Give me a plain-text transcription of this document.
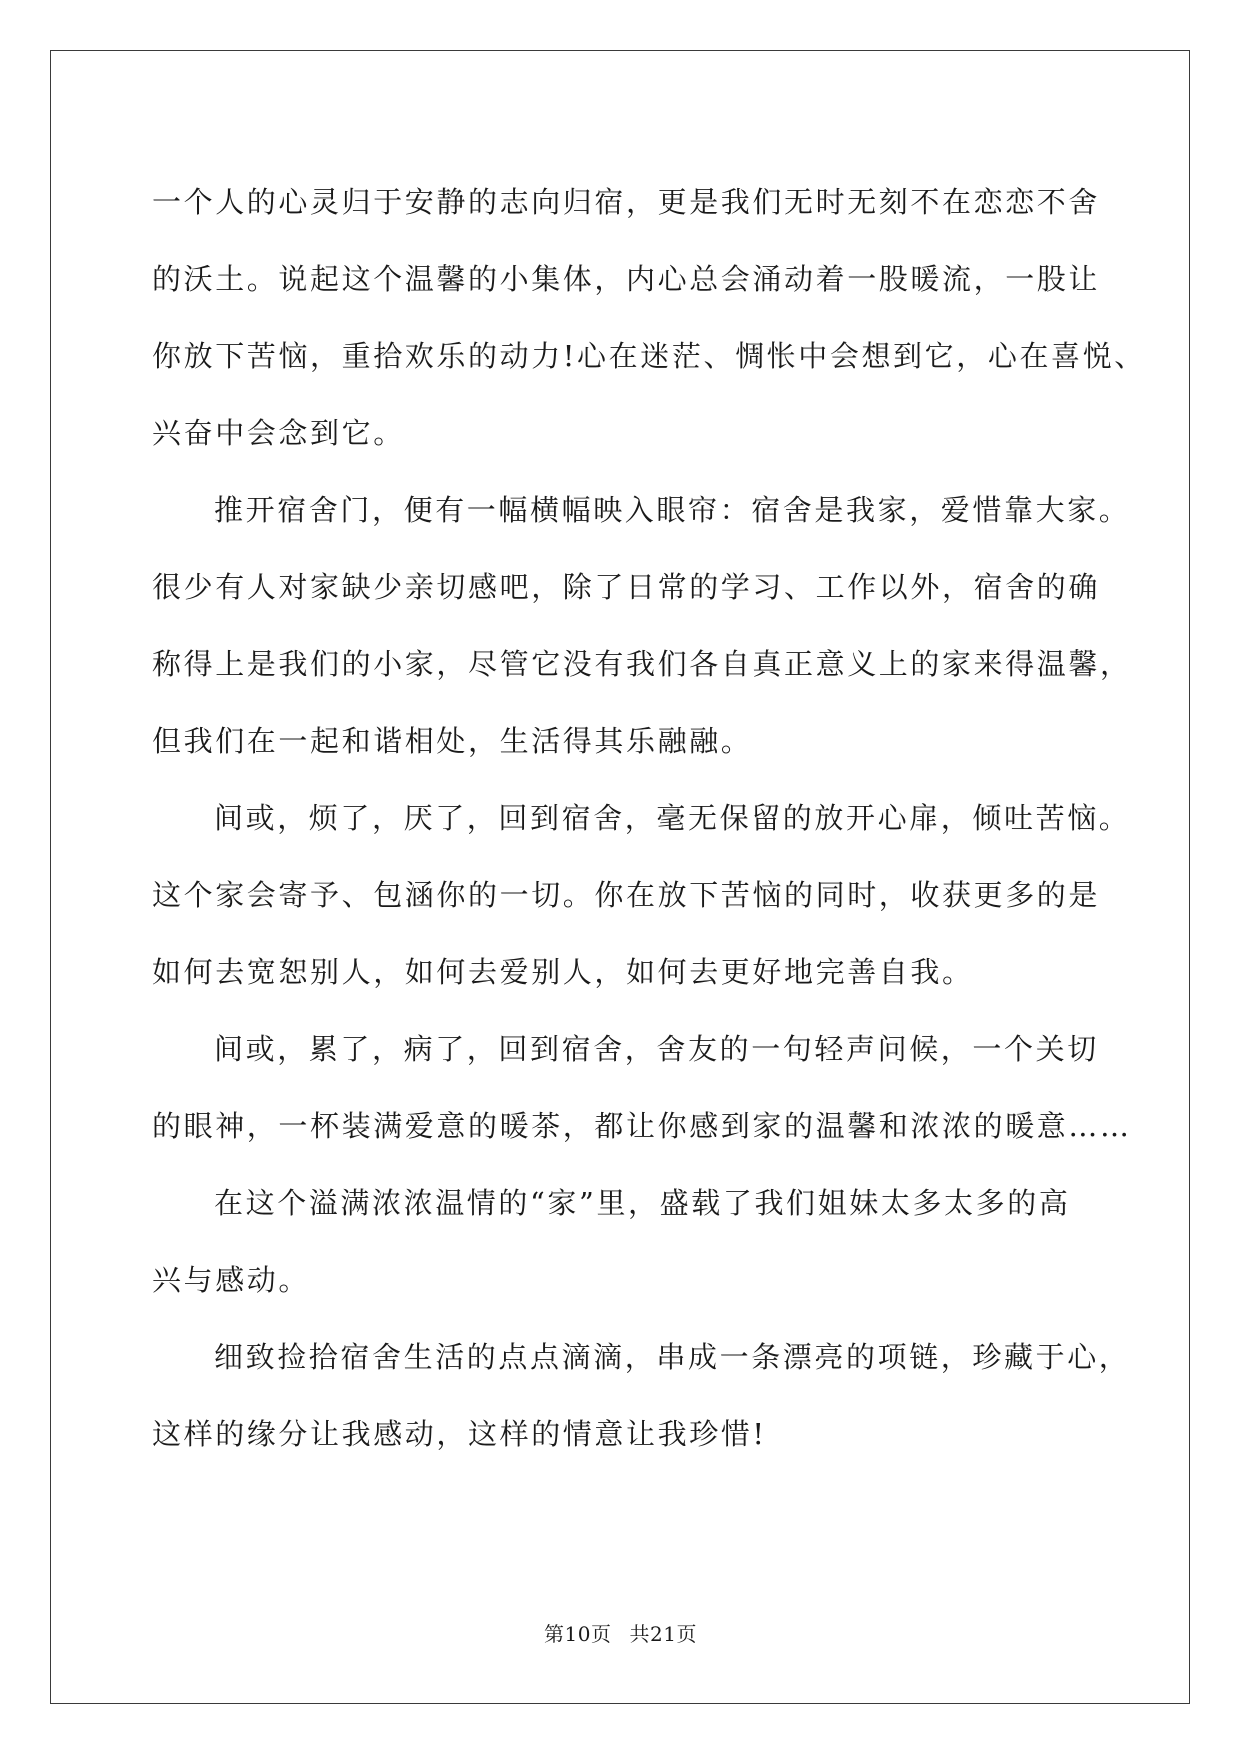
一个人的心灵归于安静的志向归宿，更是我们无时无刻不在恋恋不舍
的沃土。说起这个温馨的小集体，内心总会涌动着一股暖流，一股让
你放下苦恼，重拾欢乐的动力!心在迷茫、惆怅中会想到它，心在喜悦、
兴奋中会念到它。
推开宿舍门，便有一幅横幅映入眼帘：宿舍是我家，爱惜靠大家。
很少有人对家缺少亲切感吧，除了日常的学习、工作以外，宿舍的确
称得上是我们的小家，尽管它没有我们各自真正意义上的家来得温馨，
但我们在一起和谐相处，生活得其乐融融。
间或，烦了，厌了，回到宿舍，毫无保留的放开心扉，倾吐苦恼。
这个家会寄予、包涵你的一切。你在放下苦恼的同时，收获更多的是
如何去宽恕别人，如何去爱别人，如何去更好地完善自我。
间或，累了，病了，回到宿舍，舍友的一句轻声问候，一个关切
的眼神，一杯装满爱意的暖茶，都让你感到家的温馨和浓浓的暖意……
在这个溢满浓浓温情的“家”里，盛载了我们姐妹太多太多的高
兴与感动。
细致捡拾宿舍生活的点点滴滴，串成一条漂亮的项链，珍藏于心，
这样的缘分让我感动，这样的情意让我珍惜!
第10页 共21页
